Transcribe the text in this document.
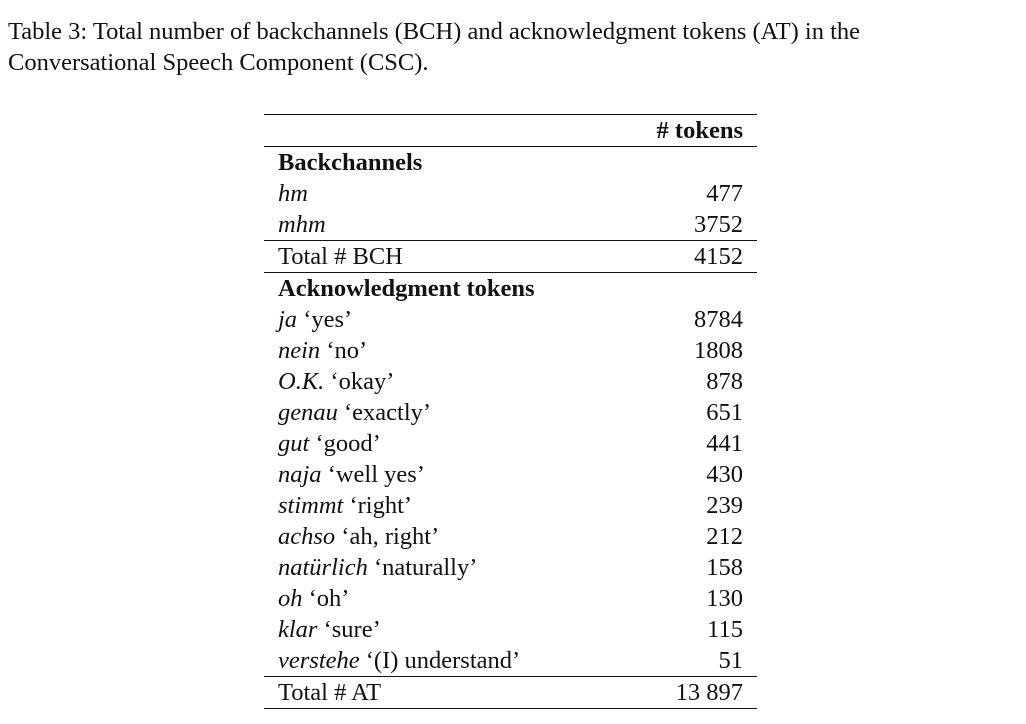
Table 3: Total number of backchannels (BCH) and acknowledgment tokens (AT) in the
Conversational Speech Component (CSC).

	# tokens
Backchannels	
hm	477
mhm	3752
Total # BCH	4152
Acknowledgment tokens	
ja ‘yes’	8784
nein ‘no’	1808
O.K. ‘okay’	878
genau ‘exactly’	651
gut ‘good’	441
naja ‘well yes’	430
stimmt ‘right’	239
achso ‘ah, right’	212
natürlich ‘naturally’	158
oh ‘oh’	130
klar ‘sure’	115
verstehe ‘(I) understand’	51
Total # AT	13 897
